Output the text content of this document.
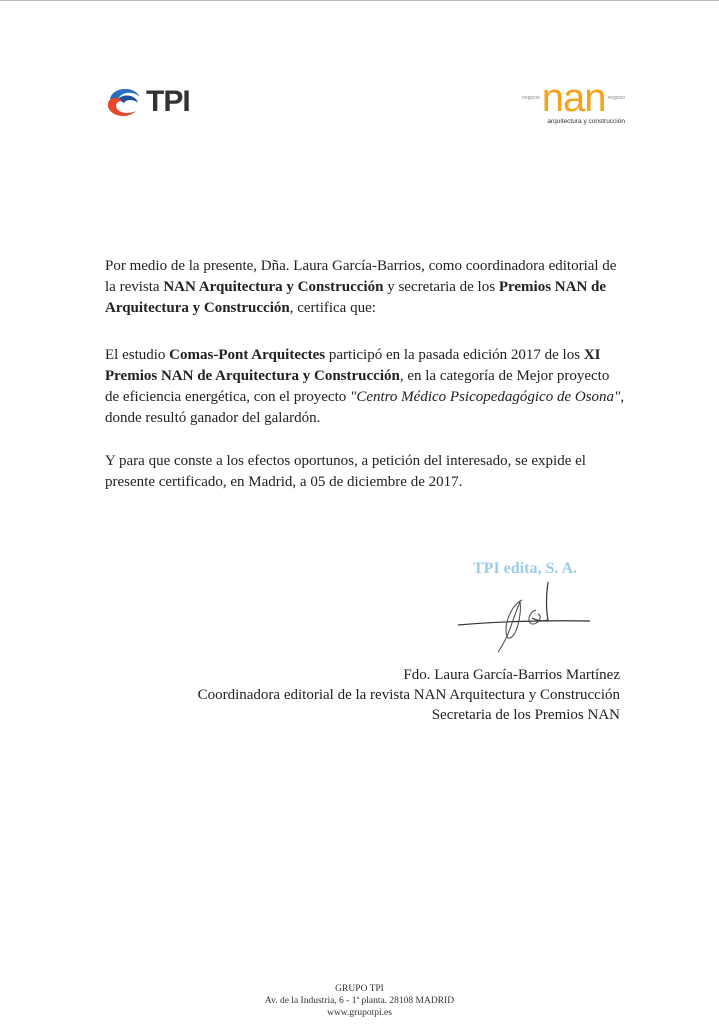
TPI	negocio nan negocio
arquitectura y construcción

Por medio de la presente, Dña. Laura García-Barrios, como coordinadora editorial de la revista NAN Arquitectura y Construcción y secretaria de los Premios NAN de Arquitectura y Construcción, certifica que:

El estudio Comas-Pont Arquitectes participó en la pasada edición 2017 de los XI Premios NAN de Arquitectura y Construcción, en la categoría de Mejor proyecto de eficiencia energética, con el proyecto "Centro Médico Psicopedagógico de Osona", donde resultó ganador del galardón.

Y para que conste a los efectos oportunos, a petición del interesado, se expide el presente certificado, en Madrid, a 05 de diciembre de 2017.

TPI edita, S. A.
Fdo. Laura García-Barrios Martínez
Coordinadora editorial de la revista NAN Arquitectura y Construcción
Secretaria de los Premios NAN
GRUPO TPI
Av. de la Industria, 6 - 1ª planta. 28108 MADRID
www.grupotpi.es
